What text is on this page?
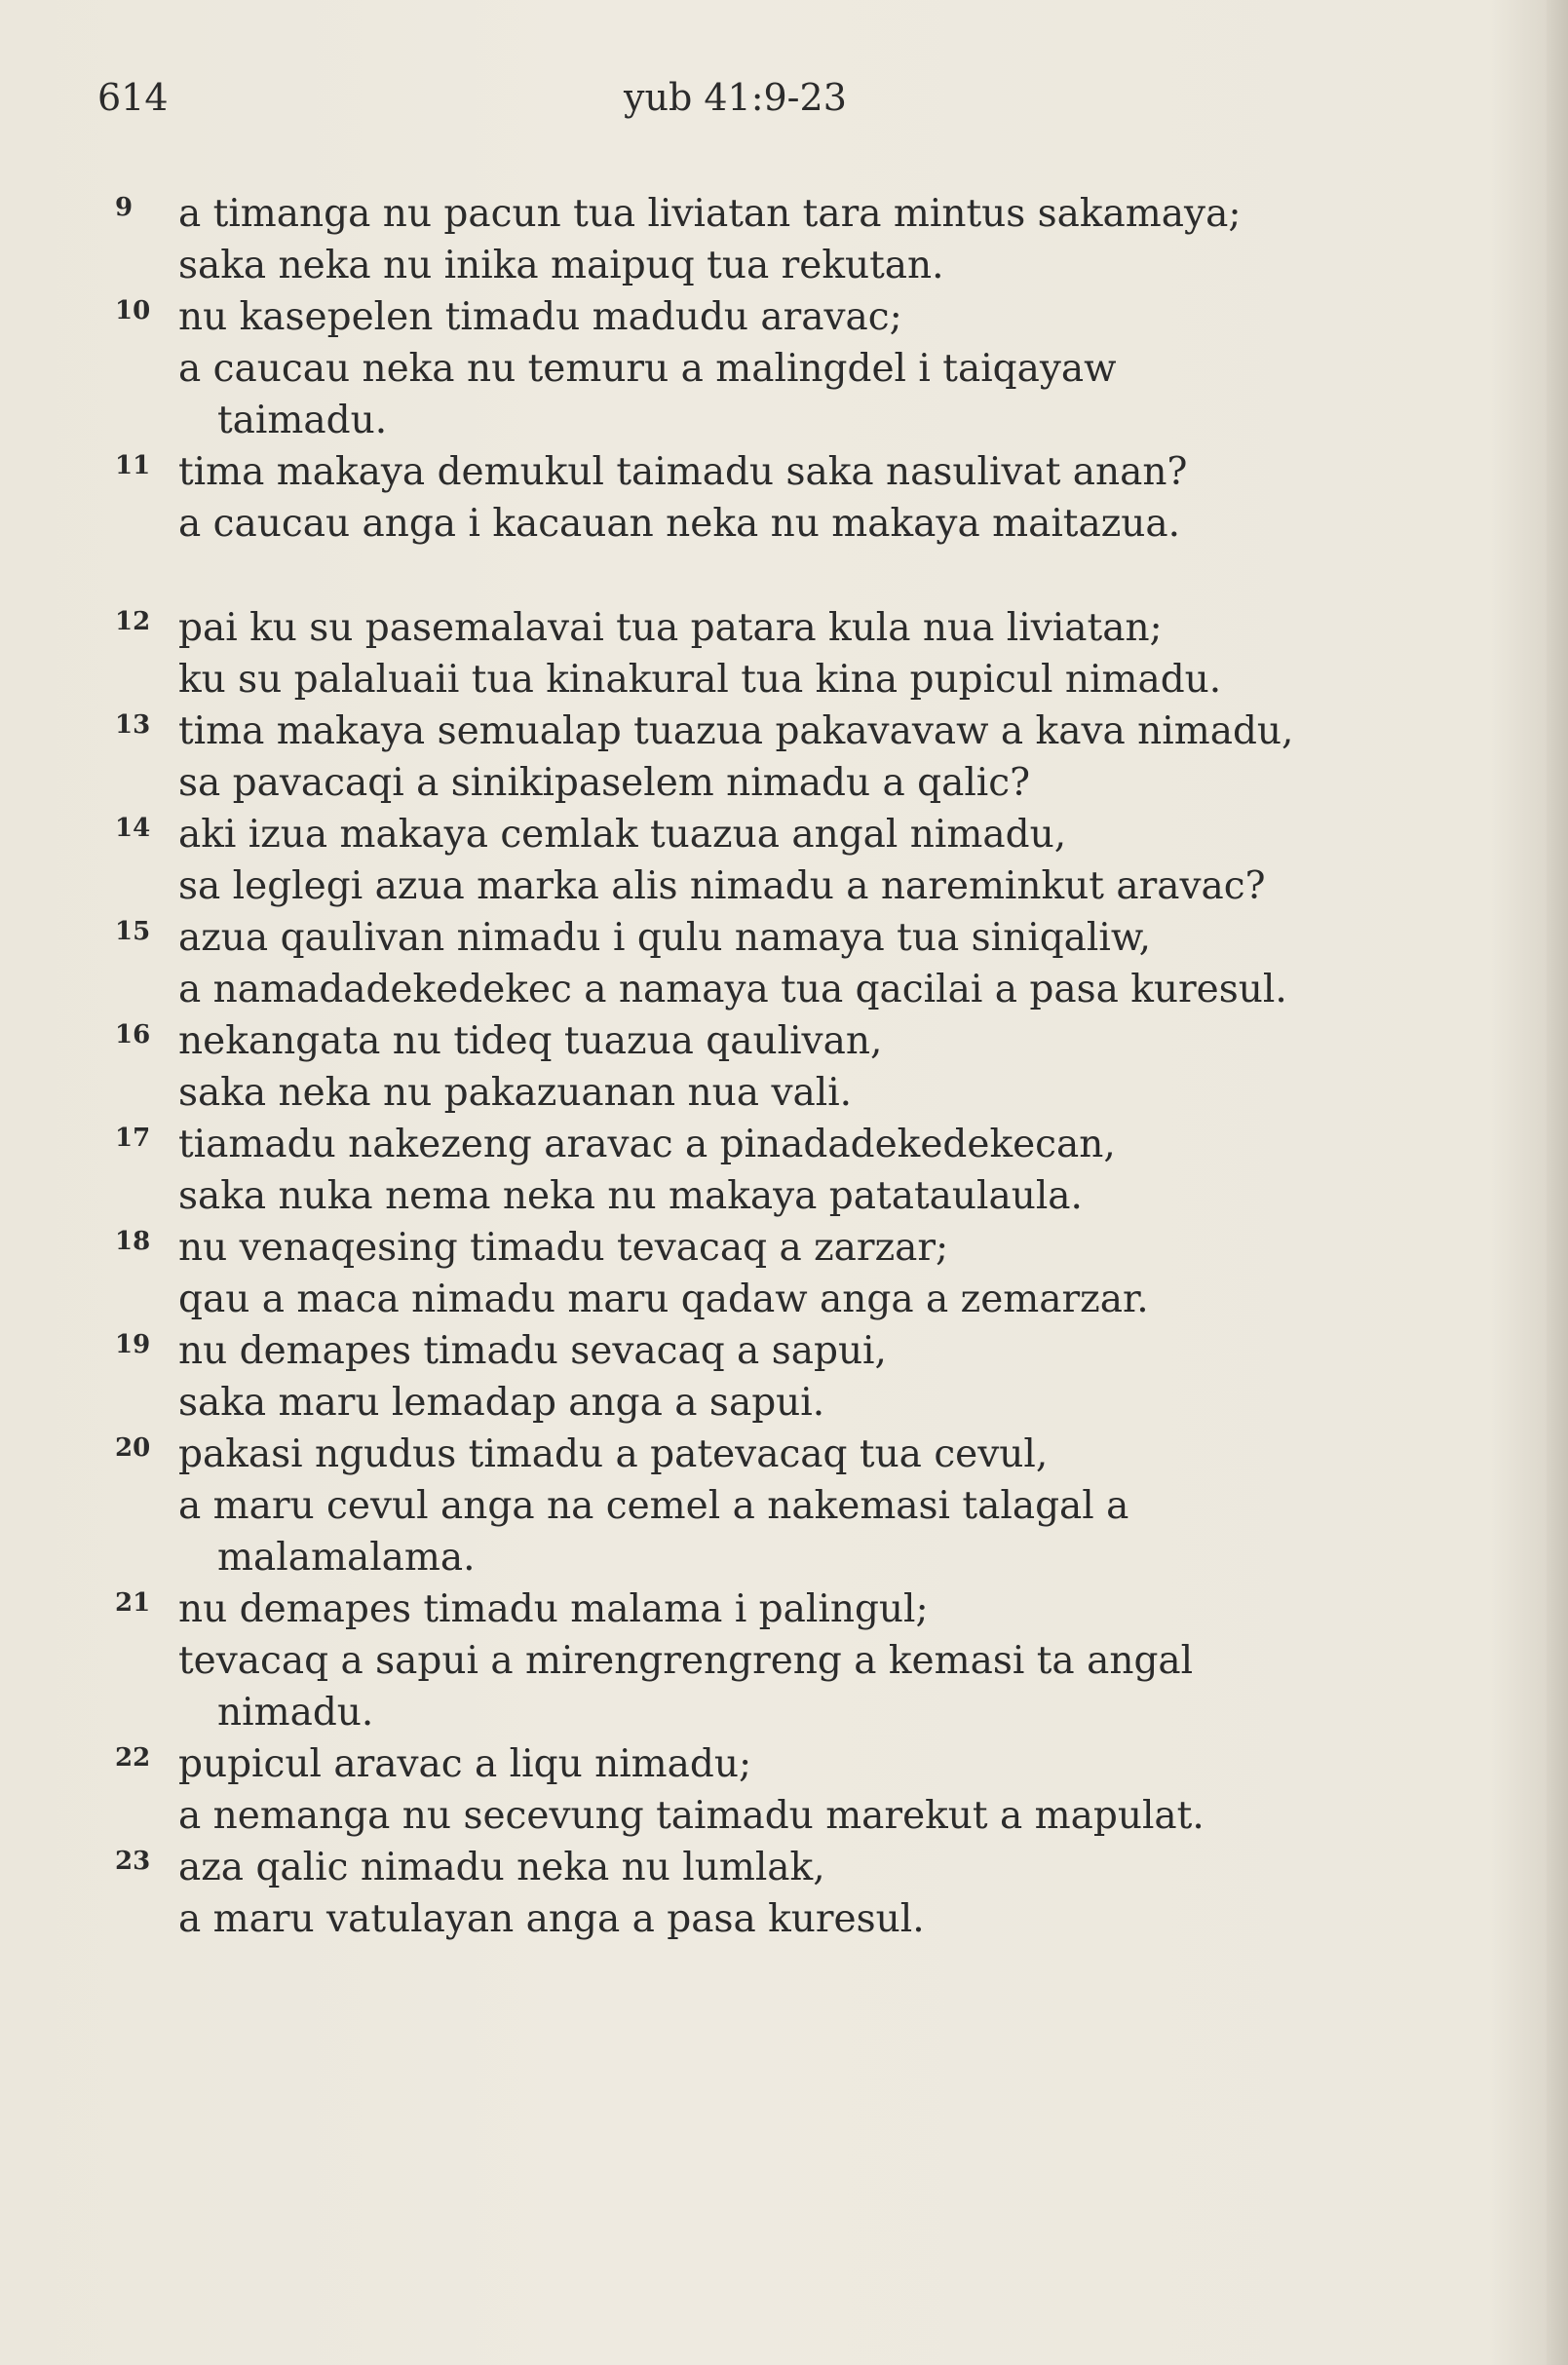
614	yub 41:9-23
9 a timanga nu pacun tua liviatan tara mintus sakamaya;
saka neka nu inika maipuq tua rekutan.
10 nu kasepelen timadu madudu aravac;
a caucau neka nu temuru a malingdel i taiqayaw
taimadu.
11 tima makaya demukul taimadu saka nasulivat anan?
a caucau anga i kacauan neka nu makaya maitazua.
12 pai ku su pasemalavai tua patara kula nua liviatan;
ku su palaluaii tua kinakural tua kina pupicul nimadu.
13 tima makaya semualap tuazua pakavavaw a kava nimadu,
sa pavacaqi a sinikipaselem nimadu a qalic?
14 aki izua makaya cemlak tuazua angal nimadu,
sa leglegi azua marka alis nimadu a nareminkut aravac?
15 azua qaulivan nimadu i qulu namaya tua siniqaliw,
a namadadekedekec a namaya tua qacilai a pasa kuresul.
16 nekangata nu tideq tuazua qaulivan,
saka neka nu pakazuanan nua vali.
17 tiamadu nakezeng aravac a pinadadekedekecan,
saka nuka nema neka nu makaya patataulaula.
18 nu venaqesing timadu tevacaq a zarzar;
qau a maca nimadu maru qadaw anga a zemarzar.
19 nu demapes timadu sevacaq a sapui,
saka maru lemadap anga a sapui.
20 pakasi ngudus timadu a patevacaq tua cevul,
a maru cevul anga na cemel a nakemasi talagal a
malamalama.
21 nu demapes timadu malama i palingul;
tevacaq a sapui a mirengrengreng a kemasi ta angal
nimadu.
22 pupicul aravac a liqu nimadu;
a nemanga nu secevung taimadu marekut a mapulat.
23 aza qalic nimadu neka nu lumlak,
a maru vatulayan anga a pasa kuresul.
